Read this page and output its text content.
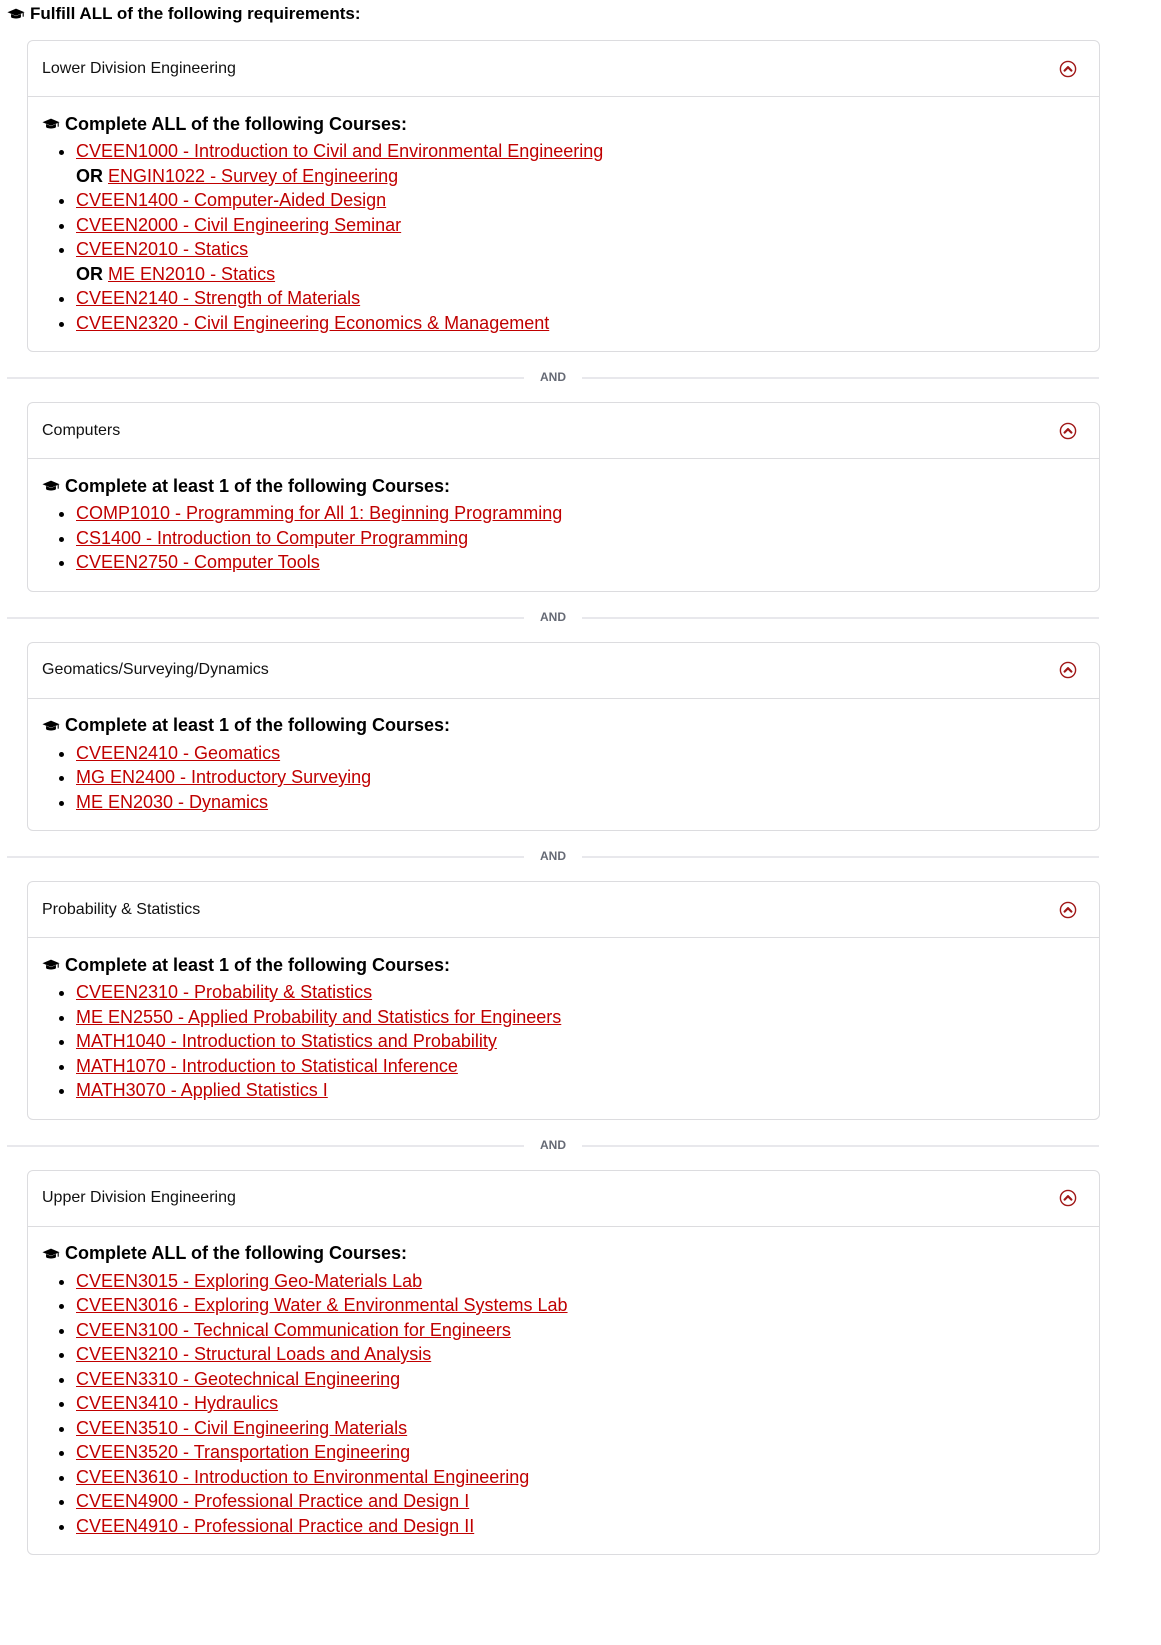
Fulfill ALL of the following requirements:
Lower Division Engineering
Complete ALL of the following Courses:
• CVEEN1000 - Introduction to Civil and Environmental Engineering
OR ENGIN1022 - Survey of Engineering
• CVEEN1400 - Computer-Aided Design
• CVEEN2000 - Civil Engineering Seminar
• CVEEN2010 - Statics
OR ME EN2010 - Statics
• CVEEN2140 - Strength of Materials
• CVEEN2320 - Civil Engineering Economics & Management
AND
Computers
Complete at least 1 of the following Courses:
• COMP1010 - Programming for All 1: Beginning Programming
• CS1400 - Introduction to Computer Programming
• CVEEN2750 - Computer Tools
AND
Geomatics/Surveying/Dynamics
Complete at least 1 of the following Courses:
• CVEEN2410 - Geomatics
• MG EN2400 - Introductory Surveying
• ME EN2030 - Dynamics
AND
Probability & Statistics
Complete at least 1 of the following Courses:
• CVEEN2310 - Probability & Statistics
• ME EN2550 - Applied Probability and Statistics for Engineers
• MATH1040 - Introduction to Statistics and Probability
• MATH1070 - Introduction to Statistical Inference
• MATH3070 - Applied Statistics I
AND
Upper Division Engineering
Complete ALL of the following Courses:
• CVEEN3015 - Exploring Geo-Materials Lab
• CVEEN3016 - Exploring Water & Environmental Systems Lab
• CVEEN3100 - Technical Communication for Engineers
• CVEEN3210 - Structural Loads and Analysis
• CVEEN3310 - Geotechnical Engineering
• CVEEN3410 - Hydraulics
• CVEEN3510 - Civil Engineering Materials
• CVEEN3520 - Transportation Engineering
• CVEEN3610 - Introduction to Environmental Engineering
• CVEEN4900 - Professional Practice and Design I
• CVEEN4910 - Professional Practice and Design II
